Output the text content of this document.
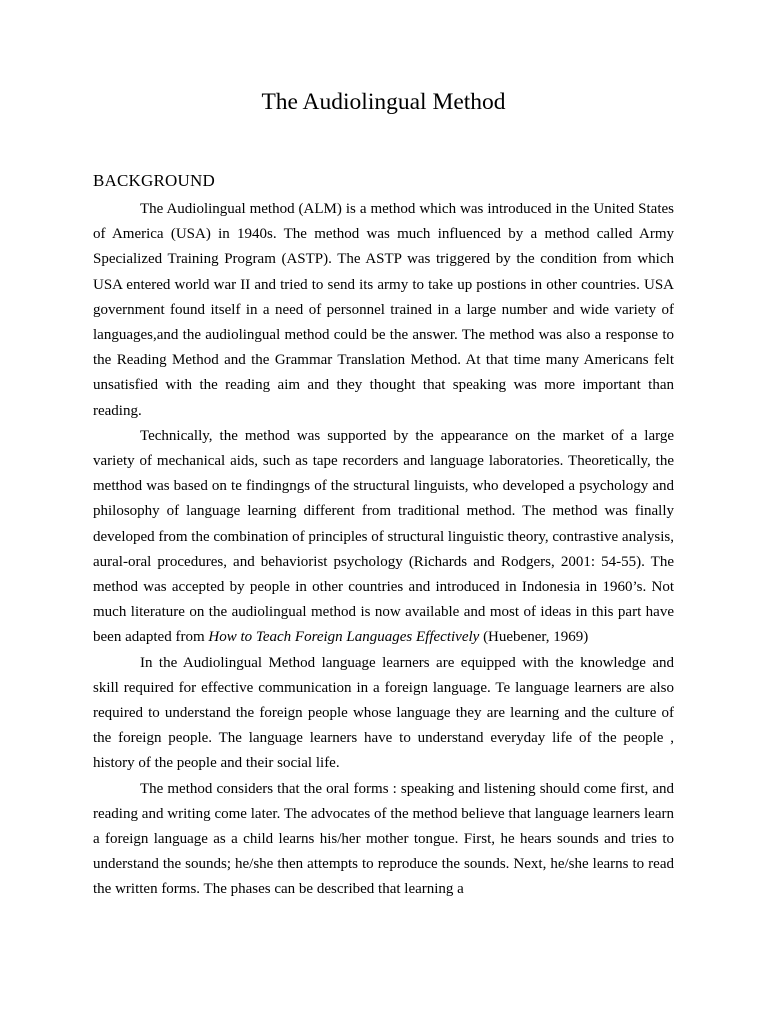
The Audiolingual Method
BACKGROUND

The Audiolingual method (ALM) is a method which was introduced in the United States of America (USA) in 1940s. The method was much influenced by a method called Army Specialized Training Program (ASTP). The ASTP was triggered by the condition from which USA entered world war II and tried to send its army to take up postions in other countries. USA government found itself in a need of personnel trained in a large number and wide variety of languages,and the audiolingual method could be the answer. The method was also a response to the Reading Method and the Grammar Translation Method. At that time many Americans felt unsatisfied with the reading aim and they thought that speaking was more important than reading.

Technically, the method was supported by the appearance on the market of a large variety of mechanical aids, such as tape recorders and language laboratories. Theoretically, the metthod was based on te findingngs of the structural linguists, who developed a psychology and philosophy of language learning different from traditional method. The method was finally developed from the combination of principles of structural linguistic theory, contrastive analysis, aural-oral procedures, and behaviorist psychology (Richards and Rodgers, 2001: 54-55). The method was accepted by people in other countries and introduced in Indonesia in 1960’s. Not much literature on the audiolingual method is now available and most of ideas in this part have been adapted from How to Teach Foreign Languages Effectively (Huebener, 1969)

In the Audiolingual Method language learners are equipped with the knowledge and skill required for effective communication in a foreign language. Te language learners are also required to understand the foreign people whose language they are learning and the culture of the foreign people. The language learners have to understand everyday life of the people , history of the people and their social life.

The method considers that the oral forms : speaking and listening should come first, and reading and writing come later. The advocates of the method believe that language learners learn a foreign language as a child learns his/her mother tongue. First, he hears sounds and tries to understand the sounds; he/she then attempts to reproduce the sounds. Next, he/she learns to read the written forms. The phases can be described that learning a
